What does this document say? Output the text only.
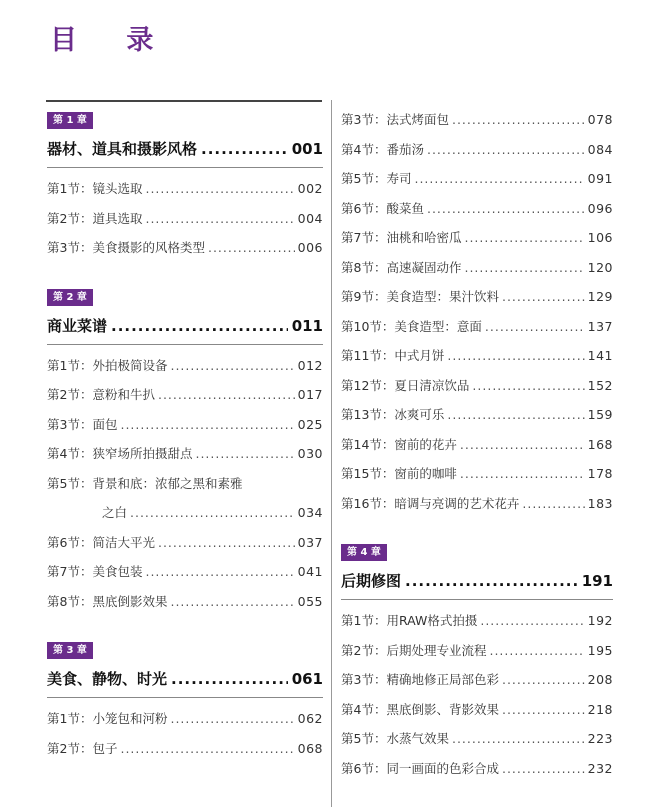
目 录
第 1 章
器材、道具和摄影风格 .....	001
第1节：镜头选取 .....	002
第2节：道具选取 .....	004
第3节：美食摄影的风格类型 .....	006
第 2 章
商业菜谱 .....	011
第1节：外拍极简设备 .....	012
第2节：意粉和牛扒 .....	017
第3节：面包 .....	025
第4节：狭窄场所拍摄甜点 .....	030
第5节：背景和底：浓郁之黑和素雅
之白 .....	034
第6节：简洁大平光 .....	037
第7节：美食包装 .....	041
第8节：黑底倒影效果 .....	055
第 3 章
美食、静物、时光 .....	061
第1节：小笼包和河粉 .....	062
第2节：包子 .....	068
第3节：法式烤面包 .....	078
第4节：番茄汤 .....	084
第5节：寿司 .....	091
第6节：酸菜鱼 .....	096
第7节：油桃和哈密瓜 .....	106
第8节：高速凝固动作 .....	120
第9节：美食造型：果汁饮料 .....	129
第10节：美食造型：意面 .....	137
第11节：中式月饼 .....	141
第12节：夏日清凉饮品 .....	152
第13节：冰爽可乐 .....	159
第14节：窗前的花卉 .....	168
第15节：窗前的咖啡 .....	178
第16节：暗调与亮调的艺术花卉 .....	183
第 4 章
后期修图 .....	191
第1节：用RAW格式拍摄 .....	192
第2节：后期处理专业流程 .....	195
第3节：精确地修正局部色彩 .....	208
第4节：黑底倒影、背影效果 .....	218
第5节：水蒸气效果 .....	223
第6节：同一画面的色彩合成 .....	232
